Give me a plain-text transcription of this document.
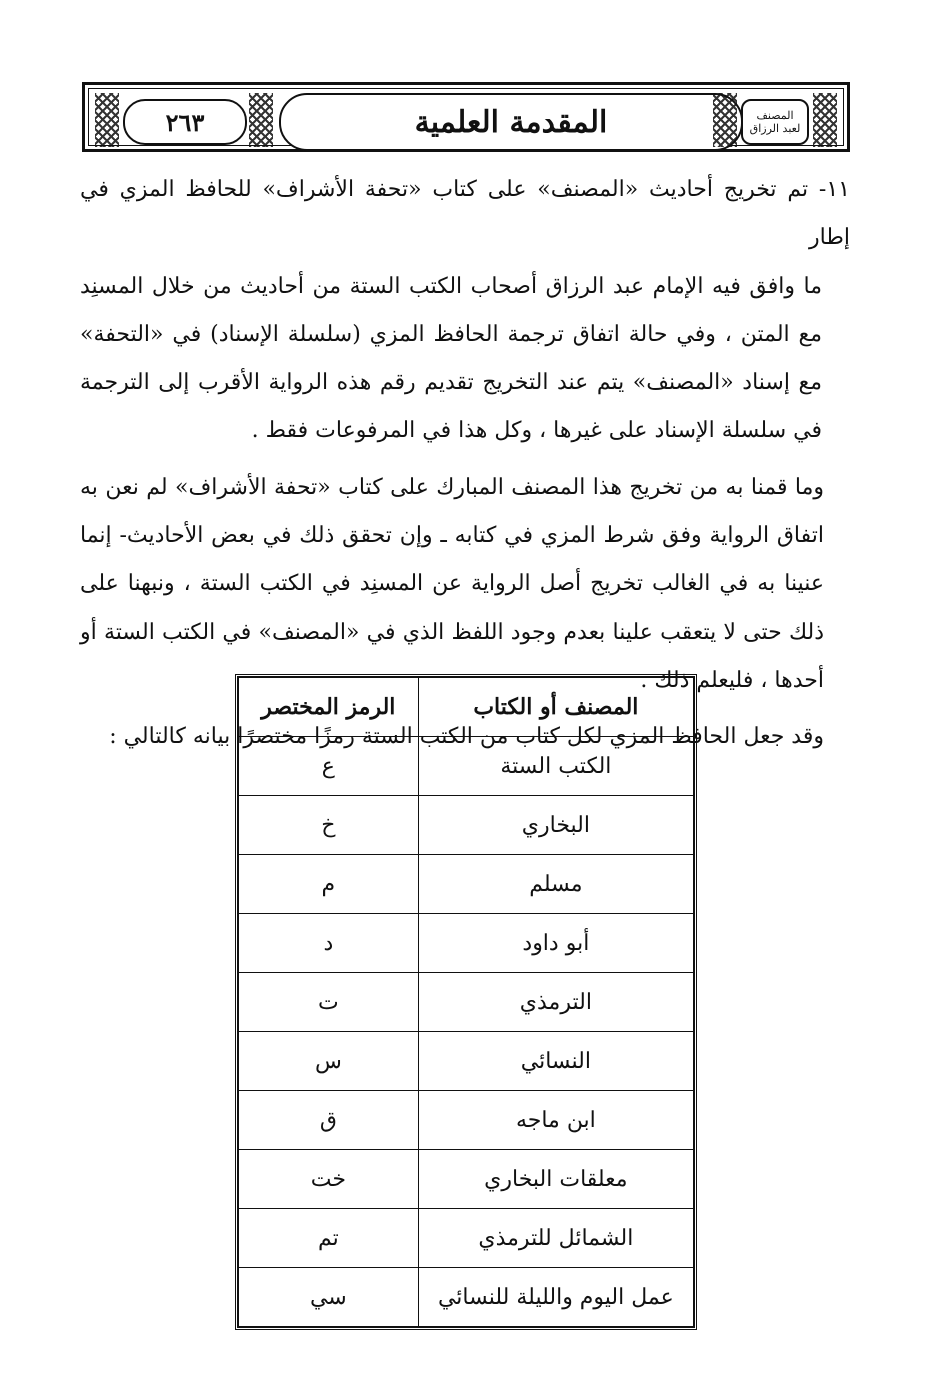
٢٦٣	المقدمة العلمية	المصنف
لعبد الرزاق

١١- تم تخريج أحاديث «المصنف» على كتاب «تحفة الأشراف» للحافظ المزي في إطار

ما وافق فيه الإمام عبد الرزاق أصحاب الكتب الستة من أحاديث من خلال المسنِد مع المتن ، وفي حالة اتفاق ترجمة الحافظ المزي (سلسلة الإسناد) في «التحفة» مع إسناد «المصنف» يتم عند التخريج تقديم رقم هذه الرواية الأقرب إلى الترجمة في سلسلة الإسناد على غيرها ، وكل هذا في المرفوعات فقط .

وما قمنا به من تخريج هذا المصنف المبارك على كتاب «تحفة الأشراف» لم نعن به اتفاق الرواية وفق شرط المزي في كتابه ـ وإن تحقق ذلك في بعض الأحاديث- إنما عنينا به في الغالب تخريج أصل الرواية عن المسنِد في الكتب الستة ، ونبهنا على ذلك حتى لا يتعقب علينا بعدم وجود اللفظ الذي في «المصنف» في الكتب الستة أو أحدها ، فليعلم ذلك .

وقد جعل الحافظ المزي لكل كتاب من الكتب الستة رمزًا مختصرًا بيانه كالتالي :

المصنف أو الكتاب	الرمز المختصر
الكتب الستة	ع
البخاري	خ
مسلم	م
أبو داود	د
الترمذي	ت
النسائي	س
ابن ماجه	ق
معلقات البخاري	خت
الشمائل للترمذي	تم
عمل اليوم والليلة للنسائي	سي
